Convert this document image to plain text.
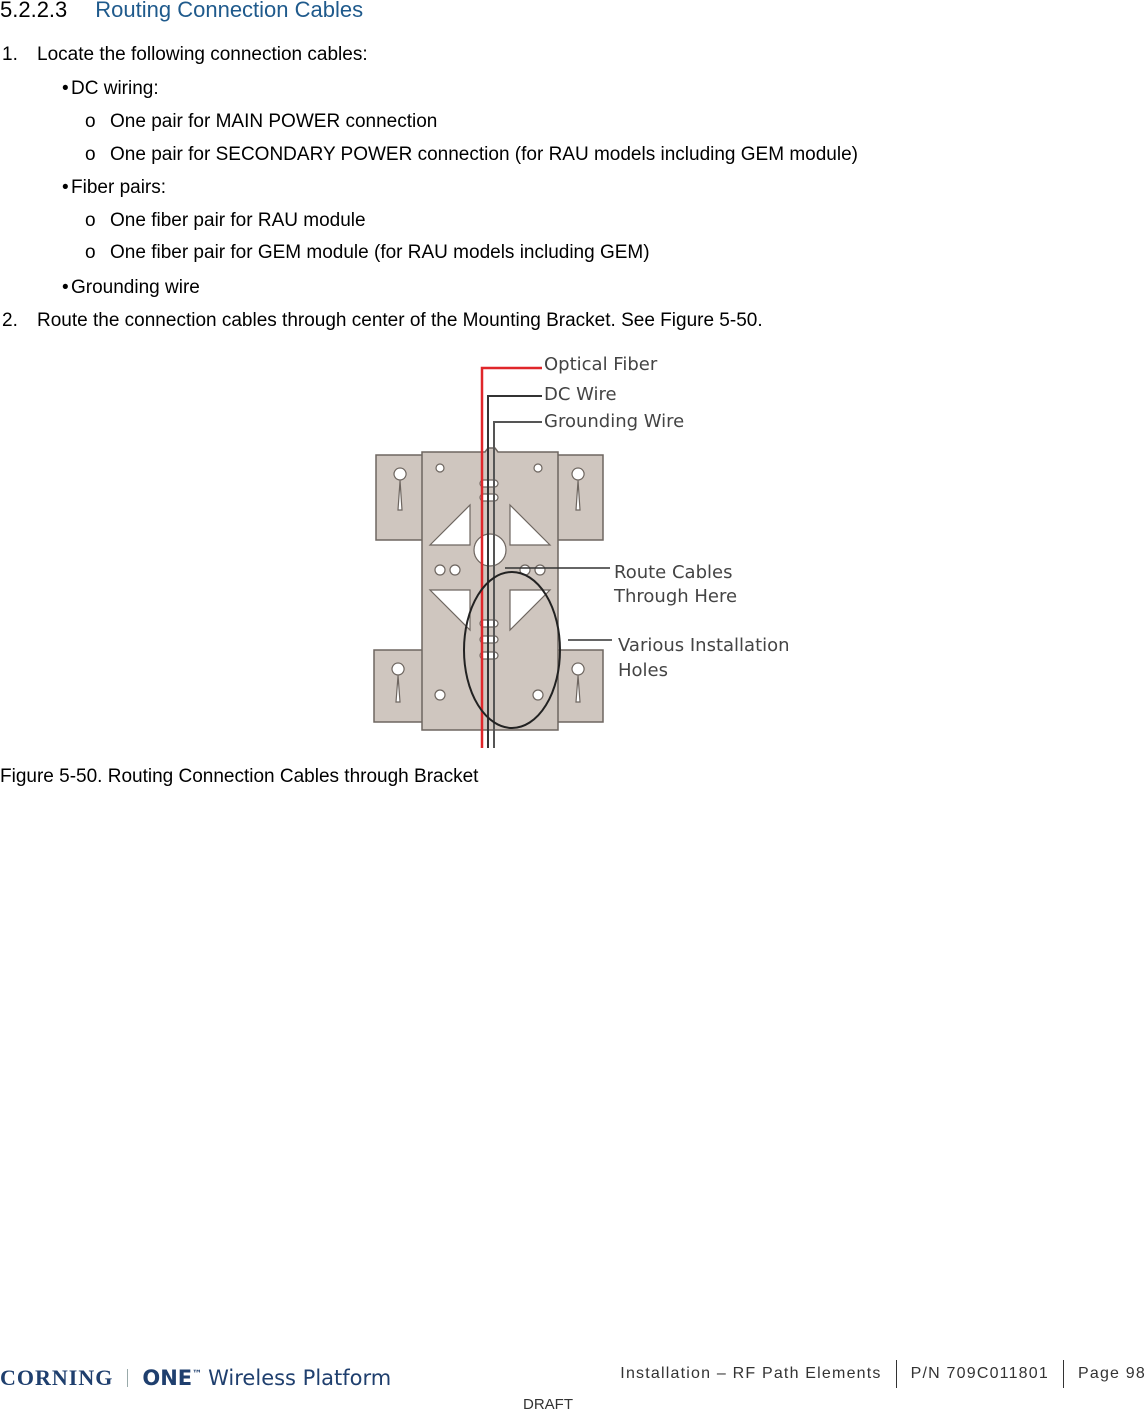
5.2.2.3 Routing Connection Cables
1. Locate the following connection cables:
• DC wiring:
o One pair for MAIN POWER connection
o One pair for SECONDARY POWER connection (for RAU models including GEM module)
• Fiber pairs:
o One fiber pair for RAU module
o One fiber pair for GEM module (for RAU models including GEM)
• Grounding wire
2. Route the connection cables through center of the Mounting Bracket. See Figure 5-50.
Optical Fiber
DC Wire
Grounding Wire
Route Cables
Through Here
Various Installation
Holes
Figure 5-50. Routing Connection Cables through Bracket
CORNING ONE™ Wireless Platform	Installation – RF Path Elements P/N 709C011801 Page 98
DRAFT
